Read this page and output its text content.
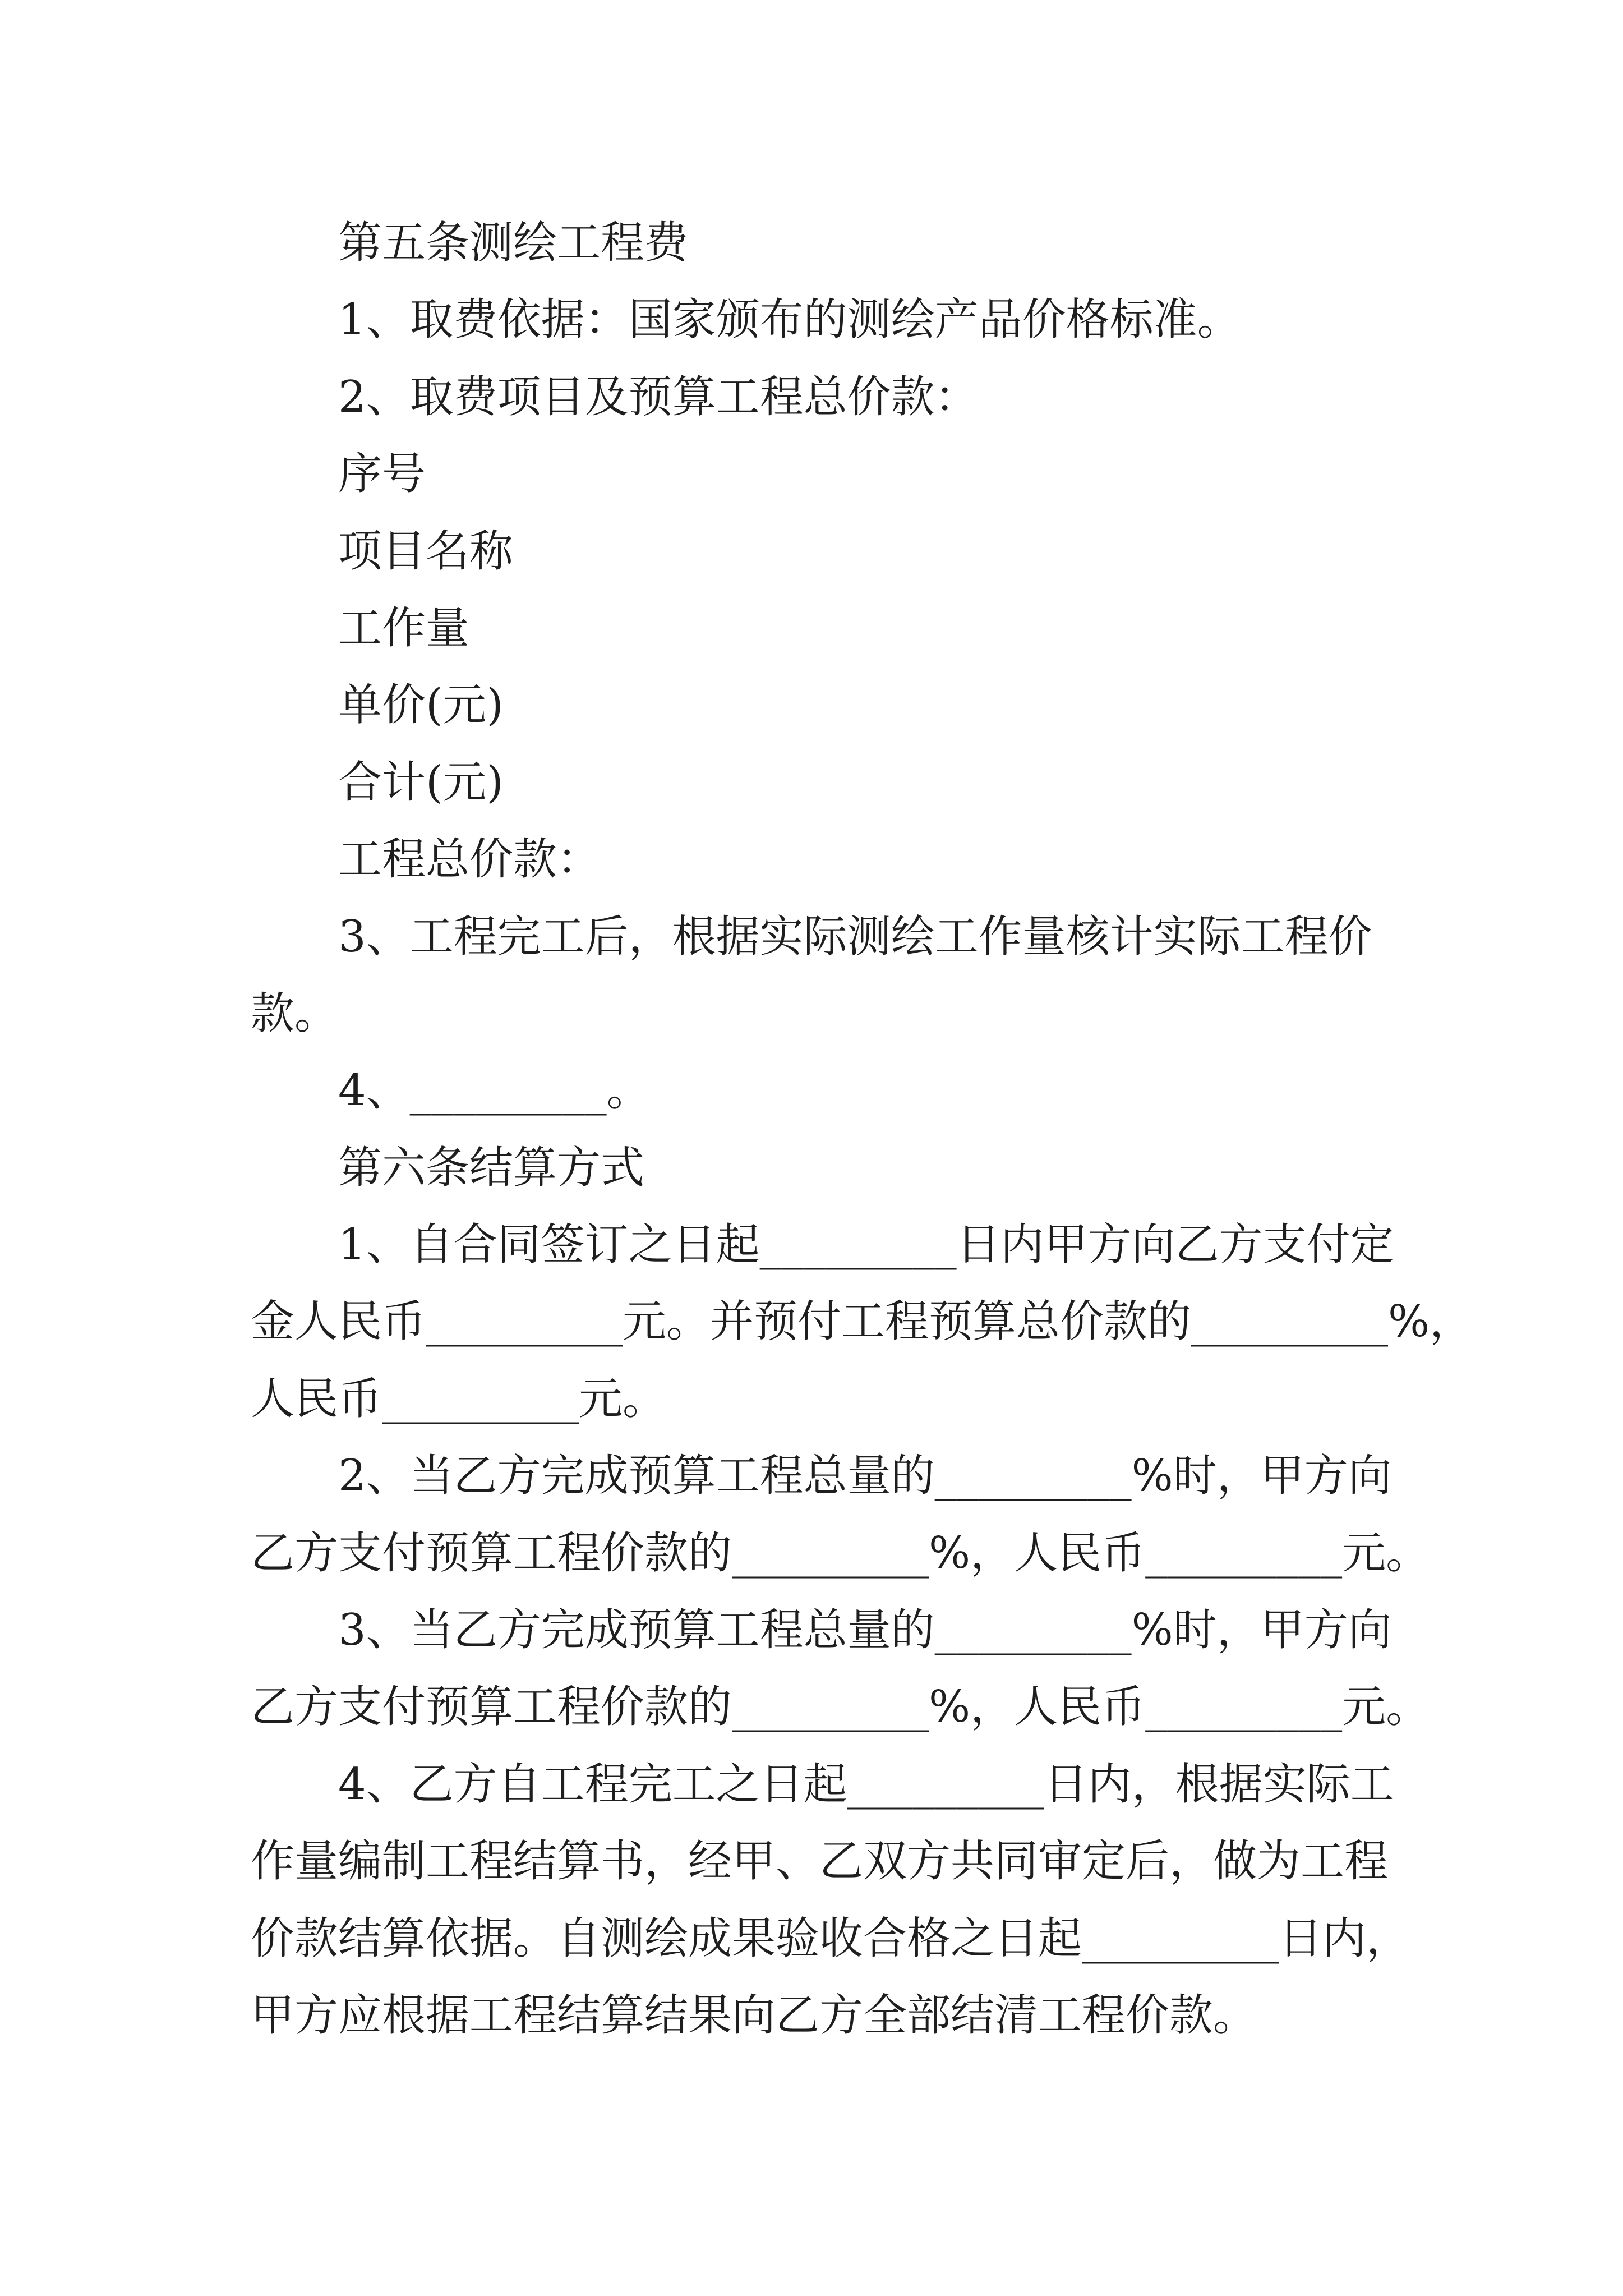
第五条测绘工程费
1、取费依据：国家颁布的测绘产品价格标准。
2、取费项目及预算工程总价款：
序号
项目名称
工作量
单价(元)
合计(元)
工程总价款：
3、工程完工后，根据实际测绘工作量核计实际工程价
款。
4、_________。
第六条结算方式
1、自合同签订之日起_________日内甲方向乙方支付定
金人民币_________元。并预付工程预算总价款的_________%，
人民币_________元。
2、当乙方完成预算工程总量的_________%时，甲方向
乙方支付预算工程价款的_________%，人民币_________元。
3、当乙方完成预算工程总量的_________%时，甲方向
乙方支付预算工程价款的_________%，人民币_________元。
4、乙方自工程完工之日起_________日内，根据实际工
作量编制工程结算书，经甲、乙双方共同审定后，做为工程
价款结算依据。自测绘成果验收合格之日起_________日内，
甲方应根据工程结算结果向乙方全部结清工程价款。
